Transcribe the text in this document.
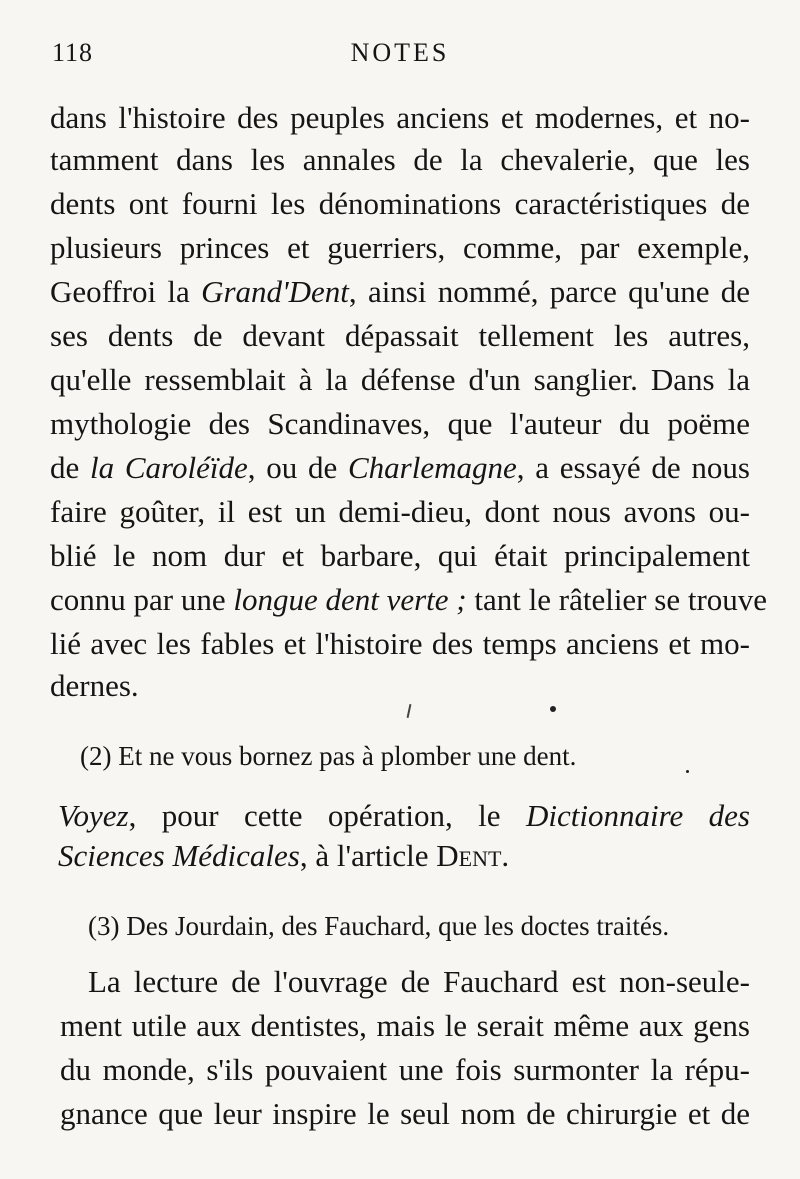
118	NOTES
dans l'histoire des peuples anciens et modernes, et no-
tamment dans les annales de la chevalerie, que les
dents ont fourni les dénominations caractéristiques de
plusieurs princes et guerriers, comme, par exemple,
Geoffroi la Grand'Dent, ainsi nommé, parce qu'une de
ses dents de devant dépassait tellement les autres,
qu'elle ressemblait à la défense d'un sanglier. Dans la
mythologie des Scandinaves, que l'auteur du poëme
de la Caroléïde, ou de Charlemagne, a essayé de nous
faire goûter, il est un demi-dieu, dont nous avons ou-
blié le nom dur et barbare, qui était principalement
connu par une longue dent verte ; tant le râtelier se trouve
lié avec les fables et l'histoire des temps anciens et mo-
dernes.
(2) Et ne vous bornez pas à plomber une dent.
Voyez, pour cette opération, le Dictionnaire des
Sciences Médicales, à l'article Dent.
(3) Des Jourdain, des Fauchard, que les doctes traités.
La lecture de l'ouvrage de Fauchard est non-seule-
ment utile aux dentistes, mais le serait même aux gens
du monde, s'ils pouvaient une fois surmonter la répu-
gnance que leur inspire le seul nom de chirurgie et de
